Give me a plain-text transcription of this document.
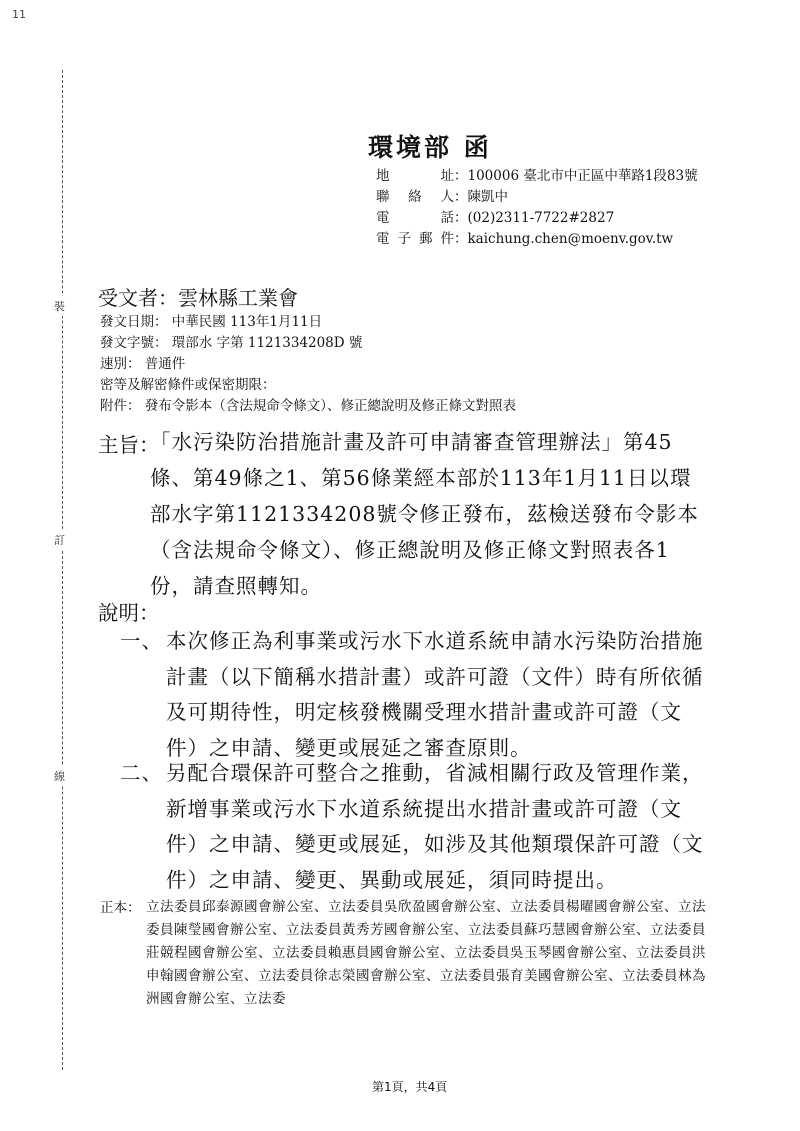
11
裝
訂
線
環境部 函
地 址：100006 臺北市中正區中華路1段83號
聯 絡 人：陳凱中
電 話：(02)2311-7722#2827
電子郵件：kaichung.chen@moenv.gov.tw
受文者：雲林縣工業會
發文日期： 中華民國 113年1月11日
發文字號： 環部水 字第 1121334208D 號
速別： 普通件
密等及解密條件或保密期限：
附件： 發布令影本（含法規命令條文）、修正總說明及修正條文對照表
主旨：
「水污染防治措施計畫及許可申請審查管理辦法」第45條、第49條之1、第56條業經本部於113年1月11日以環部水字第1121334208號令修正發布，茲檢送發布令影本（含法規命令條文）、修正總說明及修正條文對照表各1份，請查照轉知。
說明：
一、 本次修正為利事業或污水下水道系統申請水污染防治措施計畫（以下簡稱水措計畫）或許可證（文件）時有所依循及可期待性，明定核發機關受理水措計畫或許可證（文件）之申請、變更或展延之審查原則。
二、 另配合環保許可整合之推動，省減相關行政及管理作業，新增事業或污水下水道系統提出水措計畫或許可證（文件）之申請、變更或展延，如涉及其他類環保許可證（文件）之申請、變更、異動或展延，須同時提出。
正本： 立法委員邱泰源國會辦公室、立法委員吳欣盈國會辦公室、立法委員楊曜國會辦公室、立法委員陳瑩國會辦公室、立法委員黃秀芳國會辦公室、立法委員蘇巧慧國會辦公室、立法委員莊競程國會辦公室、立法委員賴惠員國會辦公室、立法委員吳玉琴國會辦公室、立法委員洪申翰國會辦公室、立法委員徐志榮國會辦公室、立法委員張育美國會辦公室、立法委員林為洲國會辦公室、立法委
第1頁，共4頁
